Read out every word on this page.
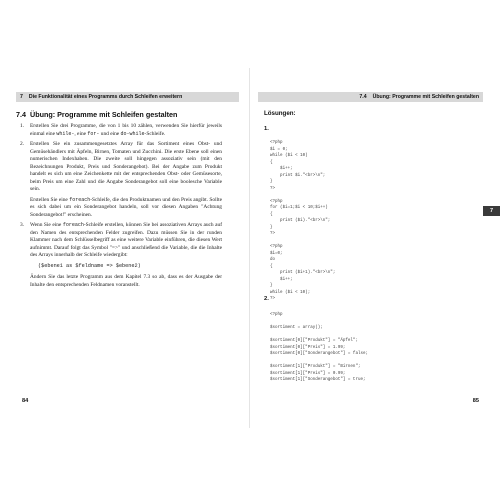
7 Die Funktionalität eines Programms durch Schleifen erweitern
7.4 Übung: Programme mit Schleifen gestalten
1. Erstellen Sie drei Programme, die von 1 bis 10 zählen, verwenden Sie hierfür jeweils einmal eine while-, eine for- und eine do-while-Schleife.

2. Erstellen Sie ein zusammengesetztes Array für das Sortiment eines Obst- und Gemüsehändlers mit Äpfeln, Birnen, Tomaten und Zucchini. Die erste Ebene soll einen numerischen Indexhaben. Die zweite soll hingegen assoziativ sein (mit den Bezeichnungen Produkt, Preis und Sonderangebot). Bei der Angabe zum Produkt handelt es sich um eine Zeichenkette mit der entsprechenden Obst- oder Gemüsesorte, beim Preis um eine Zahl und die Angabe Sonderangebot soll eine boolesche Variable sein.

Erstellen Sie eine foreach-Schleife, die den Produktnamen und den Preis angibt. Sollte es sich dabei um ein Sonderangebot handeln, soll vor diesen Angaben "Achtung Sonderangebot!" erscheinen.

3. Wenn Sie eine foreach-Schleife erstellen, können Sie bei assoziativen Arrays auch auf den Namen des entsprechenden Felder zugreifen. Dazu müssen Sie in der runden Klammer nach dem Schlüsselbegriff as eine weitere Variable einführen, die diesen Wert aufnimmt. Darauf folgt das Symbol "=>" und anschließend die Variable, die die Inhalte des Arrays innerhalb der Schleife wiedergibt:

($ebene1 as $feldname => $ebene2)

Ändern Sie das letzte Programm aus dem Kapitel 7.3 so ab, dass es der Ausgabe der Inhalte den entsprechenden Feldnamen voranstellt.

84
7.4 Übung: Programme mit Schleifen gestalten
Lösungen:
1.
<?php
$i = 0;
while ($i < 10)
{
$i++;
print $i."<br>\n";
}
?>

<?php
for ($i=1;$i < 10;$i++)
{
print ($i)."<br>\n";
}
?>

<?php
$i=0;
do
{
print ($i+1)."<br>\n";
$i++;
}
while ($i < 10);
?>
2.
<?php

$sortiment = array();

$sortiment[0]["Produkt"] = "Äpfel";
$sortiment[0]["Preis"] = 1.99;
$sortiment[0]["Sonderangebot"] = false;

$sortiment[1]["Produkt"] = "Birnen";
$sortiment[1]["Preis"] = 0.99;
$sortiment[1]["Sonderangebot"] = true;
85
7
